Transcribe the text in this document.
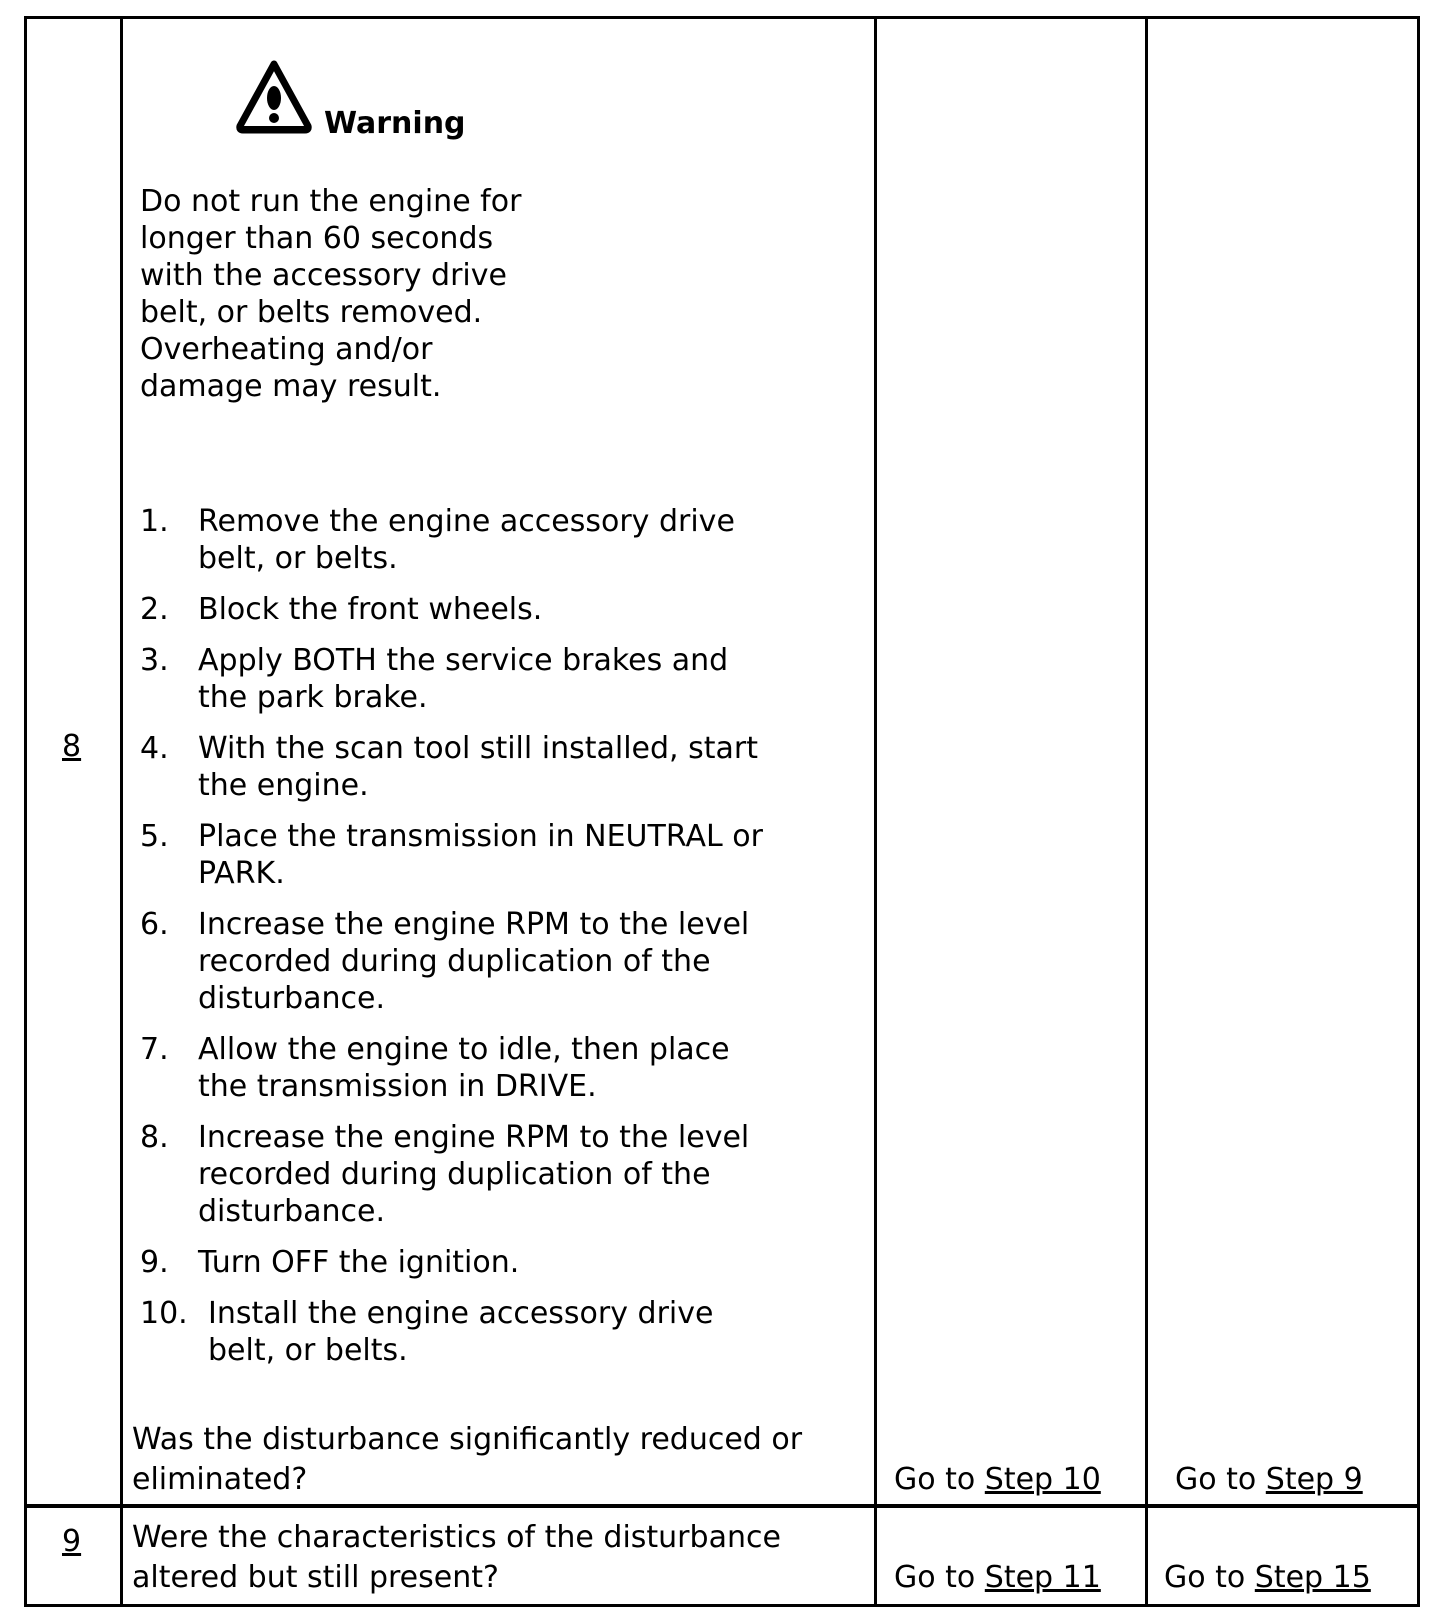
8
Warning
Do not run the engine for
longer than 60 seconds
with the accessory drive
belt, or belts removed.
Overheating and/or
damage may result.
1. Remove the engine accessory drive
belt, or belts.
2. Block the front wheels.
3. Apply BOTH the service brakes and
the park brake.
4. With the scan tool still installed, start
the engine.
5. Place the transmission in NEUTRAL or
PARK.
6. Increase the engine RPM to the level
recorded during duplication of the
disturbance.
7. Allow the engine to idle, then place
the transmission in DRIVE.
8. Increase the engine RPM to the level
recorded during duplication of the
disturbance.
9. Turn OFF the ignition.
10. Install the engine accessory drive
belt, or belts.
Was the disturbance significantly reduced or
eliminated?	Go to Step 10 Go to Step 9
9 Were the characteristics of the disturbance
altered but still present?	Go to Step 11 Go to Step 15
